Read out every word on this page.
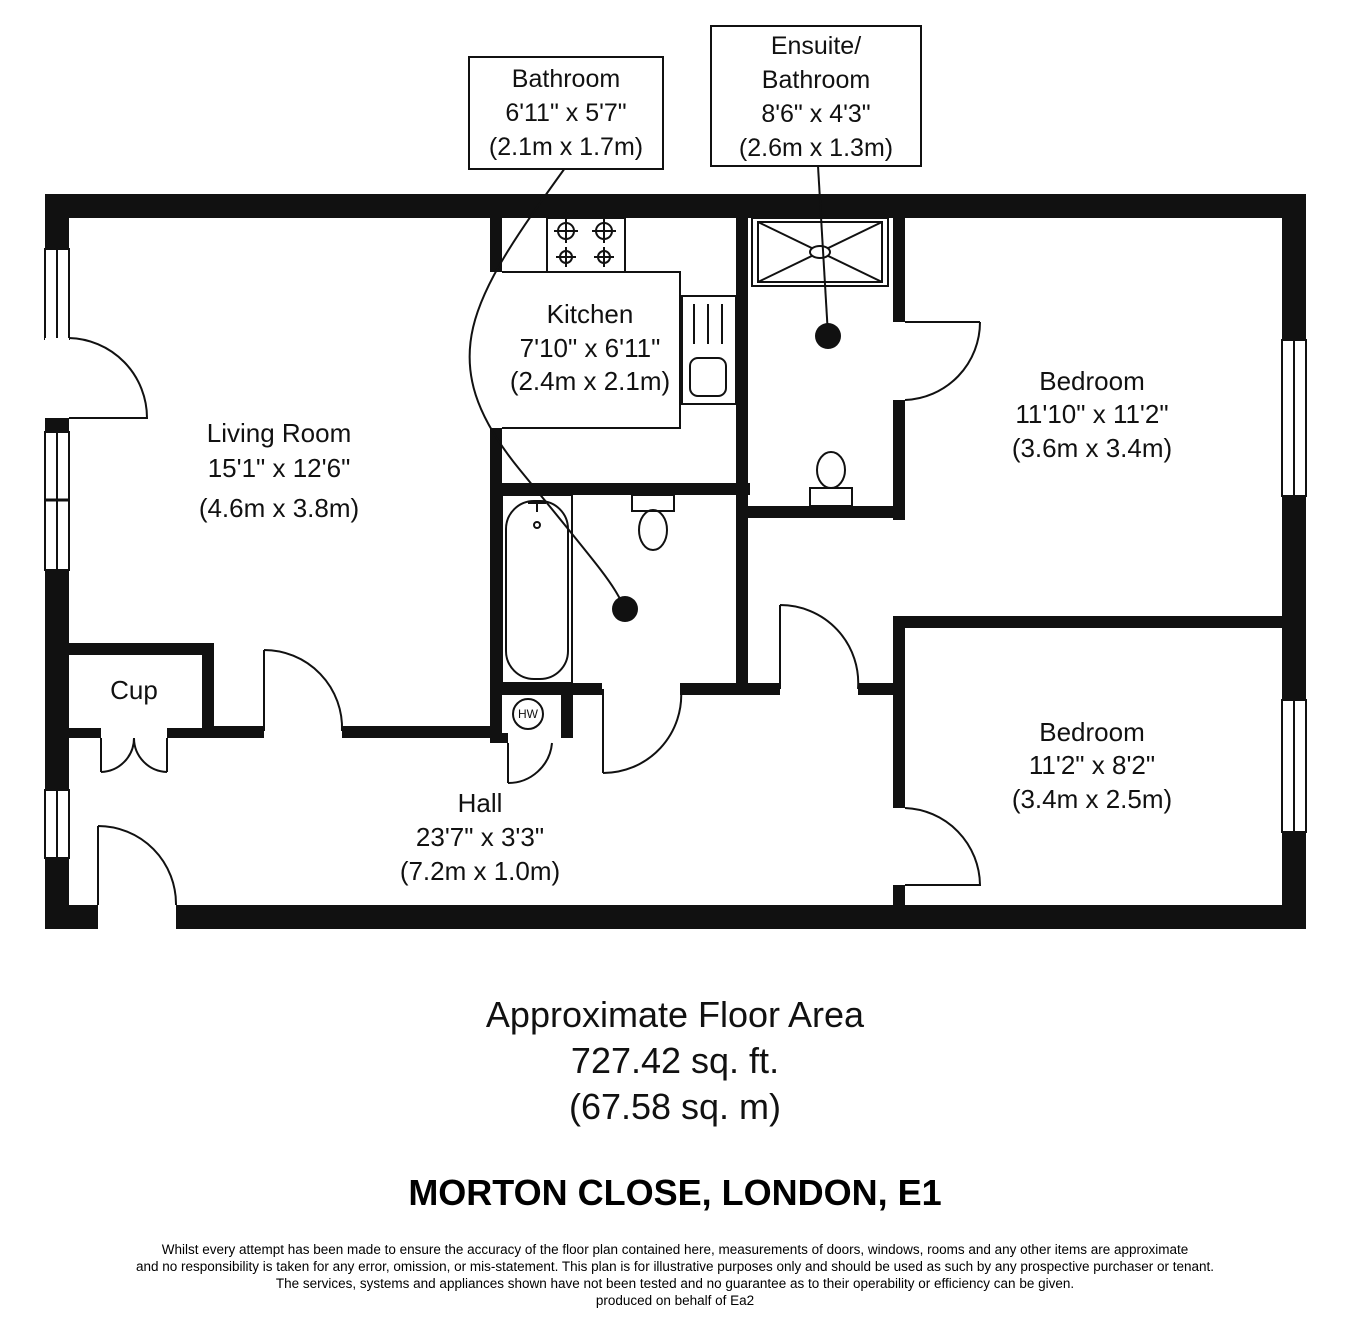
HW
Living Room
15'1" x 12'6"
(4.6m x 3.8m)
Kitchen
7'10" x 6'11"
(2.4m x 2.1m)	Bedroom
11'10" x 11'2"
(3.6m x 3.4m)
Bedroom
11'2" x 8'2"
(3.4m x 2.5m)
Hall
23'7" x 3'3"
(7.2m x 1.0m)
Cup
Bathroom
6'11" x 5'7"
(2.1m x 1.7m)
Ensuite/
Bathroom
8'6" x 4'3"
(2.6m x 1.3m)
Approximate Floor Area
727.42 sq. ft.
(67.58 sq. m)
MORTON CLOSE, LONDON, E1
Whilst every attempt has been made to ensure the accuracy of the floor plan contained here, measurements of doors, windows, rooms and any other items are approximate
and no responsibility is taken for any error, omission, or mis-statement. This plan is for illustrative purposes only and should be used as such by any prospective purchaser or tenant.
The services, systems and appliances shown have not been tested and no guarantee as to their operability or efficiency can be given.
produced on behalf of Ea2
